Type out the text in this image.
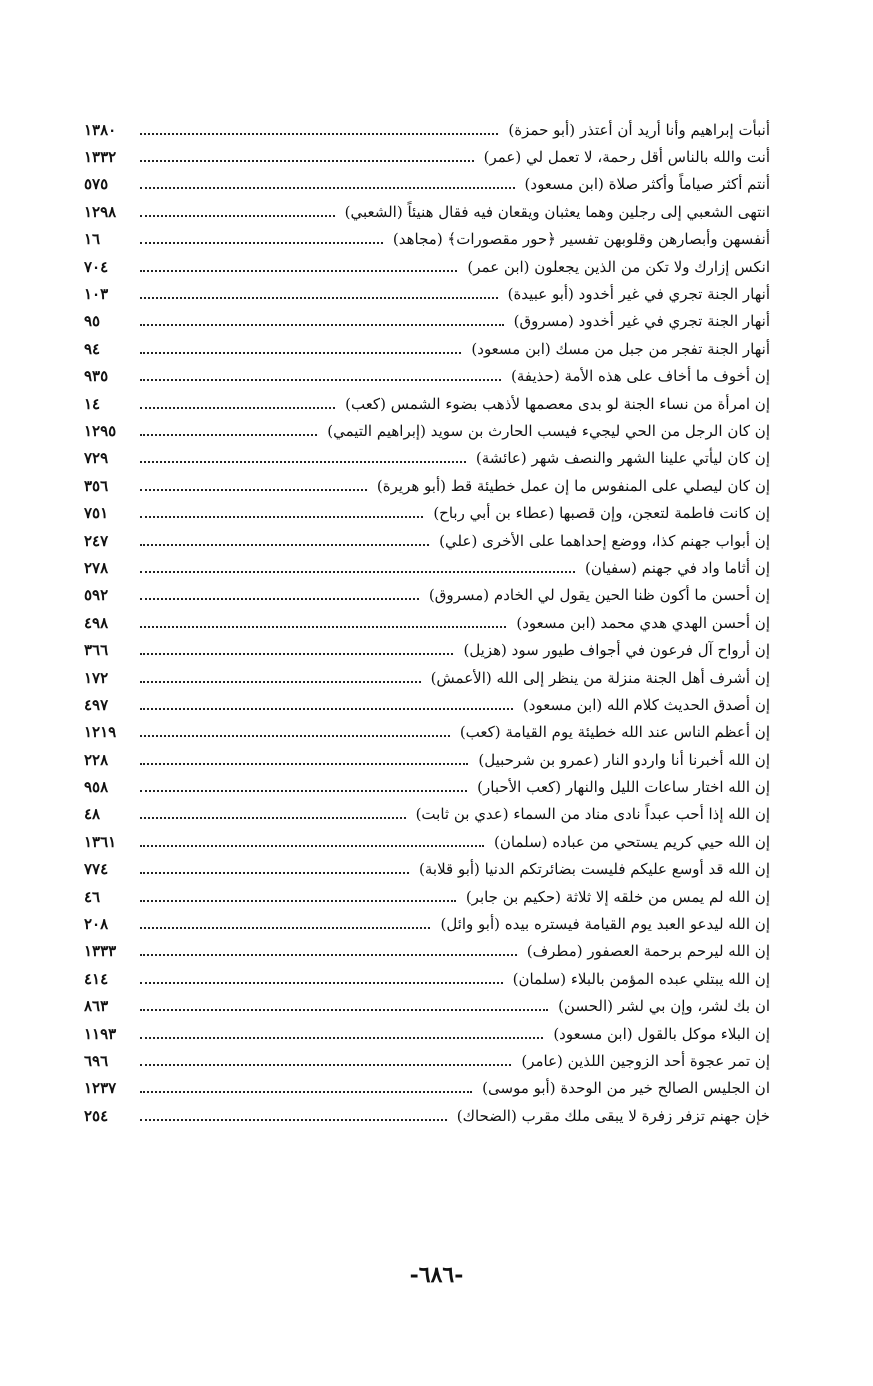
أنبأت إبراهيم وأنا أريد أن أعتذر (أبو حمزة)
١٣٨٠
أنت والله بالناس أقل رحمة، لا تعمل لي (عمر)
١٣٣٢
أنتم أكثر صياماً وأكثر صلاة (ابن مسعود)
٥٧٥
انتهى الشعبي إلى رجلين وهما يعثبان ويقعان فيه فقال هنيئاً (الشعبي)
١٢٩٨
أنفسهن وأبصارهن وقلوبهن تفسير ﴿حور مقصورات﴾ (مجاهد)
١٦
انكس إزارك ولا تكن من الذين يجعلون (ابن عمر)
٧٠٤
أنهار الجنة تجري في غير أخدود (أبو عبيدة)
١٠٣
أنهار الجنة تجري في غير أخدود (مسروق)
٩٥
أنهار الجنة تفجر من جبل من مسك (ابن مسعود)
٩٤
إن أخوف ما أخاف على هذه الأمة (حذيفة)
٩٣٥
إن امرأة من نساء الجنة لو بدى معصمها لأذهب بضوء الشمس (كعب)
١٤
إن كان الرجل من الحي ليجيء فيسب الحارث بن سويد (إبراهيم التيمي)
١٢٩٥
إن كان ليأتي علينا الشهر والنصف شهر (عائشة)
٧٢٩
إن كان ليصلي على المنفوس ما إن عمل خطيئة قط (أبو هريرة)
٣٥٦
إن كانت فاطمة لتعجن، وإن قصبها (عطاء بن أبي رباح)
٧٥١
إن أبواب جهنم كذا، ووضع إحداهما على الأخرى (علي)
٢٤٧
إن أثاما واد في جهنم (سفيان)
٢٧٨
إن أحسن ما أكون ظنا الحين يقول لي الخادم (مسروق)
٥٩٢
إن أحسن الهدي هدي محمد (ابن مسعود)
٤٩٨
إن أرواح آل فرعون في أجواف طيور سود (هزيل)
٣٦٦
إن أشرف أهل الجنة منزلة من ينظر إلى الله (الأعمش)
١٧٢
إن أصدق الحديث كلام الله (ابن مسعود)
٤٩٧
إن أعظم الناس عند الله خطيئة يوم القيامة (كعب)
١٢١٩
إن الله أخبرنا أنا واردو النار (عمرو بن شرحبيل)
٢٢٨
إن الله اختار ساعات الليل والنهار (كعب الأحبار)
٩٥٨
إن الله إذا أحب عبداً نادى مناد من السماء (عدي بن ثابت)
٤٨
إن الله حيي كريم يستحي من عباده (سلمان)
١٣٦١
إن الله قد أوسع عليكم فليست بضائرتكم الدنيا (أبو قلابة)
٧٧٤
إن الله لم يمس من خلقه إلا ثلاثة (حكيم بن جابر)
٤٦
إن الله ليدعو العبد يوم القيامة فيستره بيده (أبو وائل)
٢٠٨
إن الله ليرحم برحمة العصفور (مطرف)
١٣٣٣
إن الله يبتلي عبده المؤمن بالبلاء (سلمان)
٤١٤
ان بك لشر، وإن بي لشر (الحسن)
٨٦٣
إن البلاء موكل بالقول (ابن مسعود)
١١٩٣
إن تمر عجوة أحد الزوجين اللذين (عامر)
٦٩٦
ان الجليس الصالح خير من الوحدة (أبو موسى)
١٢٣٧
خإن جهنم تزفر زفرة لا يبقى ملك مقرب (الضحاك)
٢٥٤
-٦٨٦-
